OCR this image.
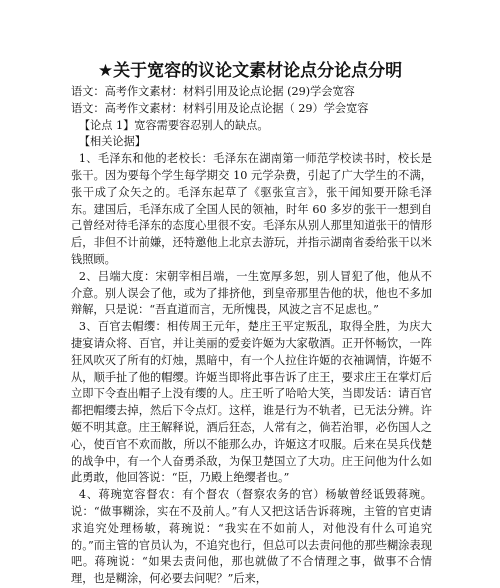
★关于宽容的议论文素材论点分论点分明

语文：高考作文素材：材料引用及论点论据 (29)学会宽容

语文：高考作文素材：材料引用及论点论据（ 29）学会宽容

【论点 1】宽容需要容忍别人的缺点。

【相关论据】

1、毛泽东和他的老校长：毛泽东在湖南第一师范学校读书时，校长是张干。因为要每个学生每学期交 10 元学杂费，引起了广大学生的不满，张干成了众矢之的。毛泽东起草了《驱张宣言》，张干闻知要开除毛泽东。建国后，毛泽东成了全国人民的领袖，时年 60 多岁的张干一想到自己曾经对待毛泽东的态度心里很不安。毛泽东从别人那里知道张干的情形后，非但不计前嫌，还特邀他上北京去游玩，并指示湖南省委给张干以米钱照顾。

2、吕端大度：宋朝宰相吕端，一生宽厚多恕，别人冒犯了他，他从不介意。别人误会了他，或为了排挤他，到皇帝那里告他的状，他也不多加辩解，只是说：“吾直道而言，无所愧畏，风波之言不足虑也。”

3、百官去帽缨：相传周王元年，楚庄王平定叛乱，取得全胜，为庆大捷宴请众将、百官，并让美丽的爱妾许姬为大家敬酒。正开怀畅饮，一阵狂风吹灭了所有的灯烛，黑暗中，有一个人拉住许姬的衣袖调情，许姬不从，顺手扯了他的帽缨。许姬当即将此事告诉了庄王，要求庄王在掌灯后立即下令查出帽子上没有缨的人。庄王听了哈哈大笑，当即发话：请百官都把帽缨去掉，然后下令点灯。这样，谁是行为不轨者，已无法分辨。许姬不明其意。庄王解释说，酒后狂态，人常有之，倘若治罪，必伤国人之心，使百官不欢而散，所以不能那么办，许姬这才叹服。后来在吴兵伐楚的战争中，有一个人奋勇杀敌，为保卫楚国立了大功。庄王问他为什么如此勇敢，他回答说：“臣，乃殿上绝缨者也。”

4、蒋琬宽容督农：有个督农（督察农务的官）杨敏曾经诋毁蒋琬。说：“做事糊涂，实在不及前人。”有人又把这话告诉蒋琬，主管的官吏请求追究处理杨敏，蒋琬说：“我实在不如前人，对他没有什么可追究的。”而主管的官员认为，不追究也行，但总可以去责问他的那些糊涂表现吧。蒋琬说：“如果去责问他，那也就做了不合情理之事，做事不合情理，也是糊涂，何必要去问呢？”后来，
